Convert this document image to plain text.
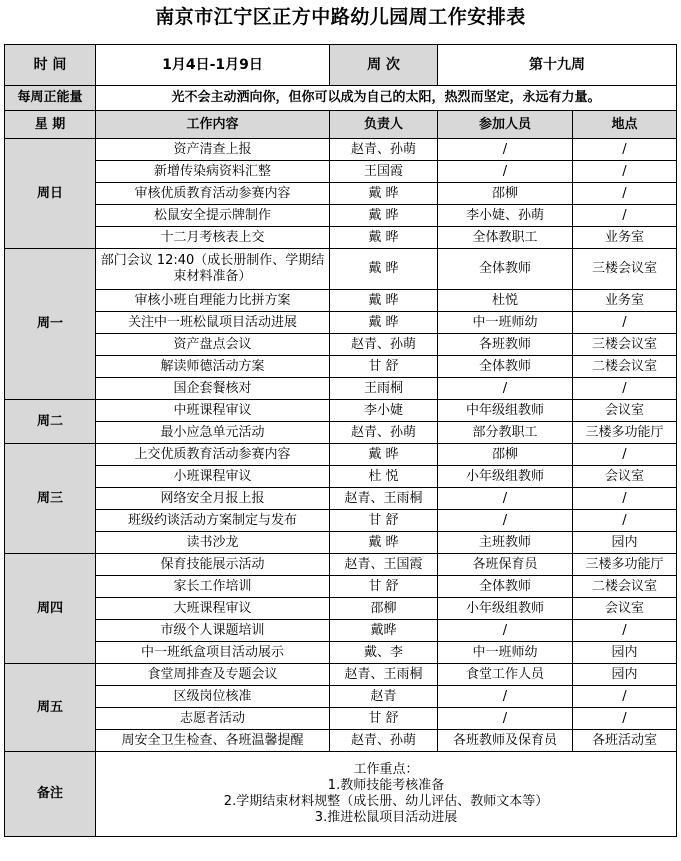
南京市江宁区正方中路幼儿园周工作安排表
时 间	1月4日-1月9日	周 次	第十九周	
每周正能量	光不会主动洒向你，但你可以成为自己的太阳，热烈而坚定，永远有力量。			
星 期	工作内容	负责人	参加人员	地点
周日	资产清查上报	赵青、孙萌	/	/
	新增传染病资料汇整	王国霞	/	/
	审核优质教育活动参赛内容	戴 晔	邵柳	/
	松鼠安全提示牌制作	戴 晔	李小婕、孙萌	/
	十二月考核表上交	戴 晔	全体教职工	业务室
周一	部门会议 12:40（成长册制作、学期结束材料准备）	戴 晔	全体教师	三楼会议室
	审核小班自理能力比拼方案	戴 晔	杜悦	业务室
	关注中一班松鼠项目活动进展	戴 晔	中一班师幼	/
	资产盘点会议	赵青、孙萌	各班教师	三楼会议室
	解读师德活动方案	甘 舒	全体教师	二楼会议室
	国企套餐核对	王雨桐	/	/
周二	中班课程审议	李小婕	中年级组教师	会议室
	最小应急单元活动	赵青、孙萌	部分教职工	三楼多功能厅
周三	上交优质教育活动参赛内容	戴 晔	邵柳	/
	小班课程审议	杜 悦	小年级组教师	会议室
	网络安全月报上报	赵青、王雨桐	/	/
	班级约谈活动方案制定与发布	甘 舒	/	/
	读书沙龙	戴 晔	主班教师	园内
周四	保育技能展示活动	赵青、王国霞	各班保育员	三楼多功能厅
	家长工作培训	甘 舒	全体教师	二楼会议室
	大班课程审议	邵柳	小年级组教师	会议室
	市级个人课题培训	戴晔	/	/
	中一班纸盒项目活动展示	戴、李	中一班师幼	园内
周五	食堂周排查及专题会议	赵青、王雨桐	食堂工作人员	园内
	区级岗位核准	赵青	/	/
	志愿者活动	甘 舒	/	/
	周安全卫生检查、各班温馨提醒	赵青、孙萌	各班教师及保育员	各班活动室
备注	工作重点：
1.教师技能考核准备
2.学期结束材料规整（成长册、幼儿评估、教师文本等）
3.推进松鼠项目活动进展			
